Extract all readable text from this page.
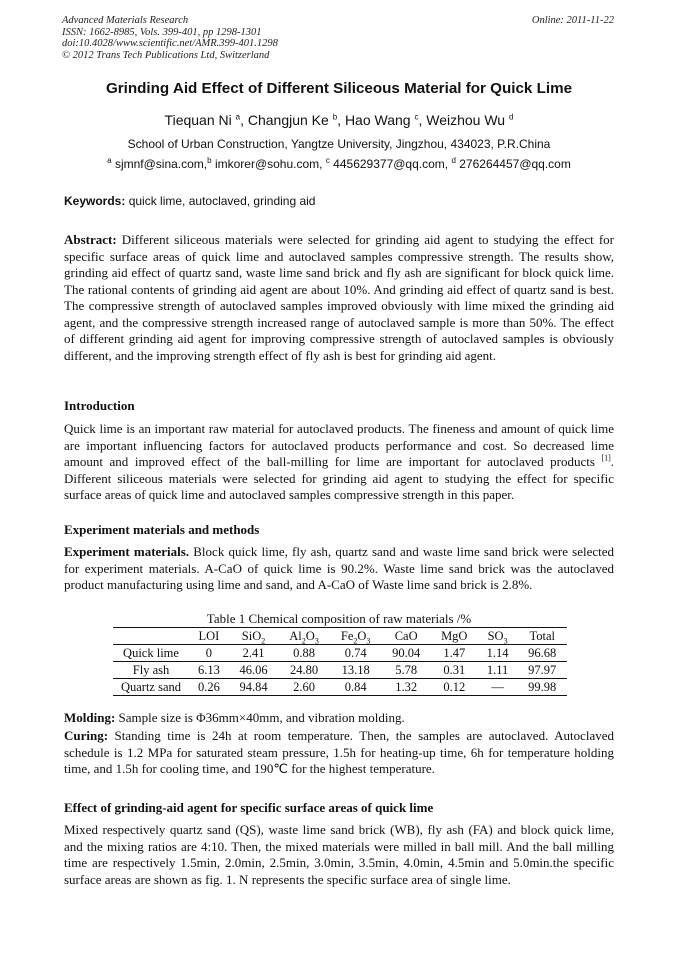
Advanced Materials Research
ISSN: 1662-8985, Vols. 399-401, pp 1298-1301
doi:10.4028/www.scientific.net/AMR.399-401.1298
© 2012 Trans Tech Publications Ltd, Switzerland
Online: 2011-11-22
Grinding Aid Effect of Different Siliceous Material for Quick Lime
Tiequan Ni $^a$, Changjun Ke $^b$, Hao Wang $^c$, Weizhou Wu $^d$
School of Urban Construction, Yangtze University, Jingzhou, 434023, P.R.China
$^a$ sjmnf@sina.com,$^b$ imkorer@sohu.com, $^c$ 445629377@qq.com, $^d$ 276264457@qq.com
Keywords: quick lime, autoclaved, grinding aid
Abstract: Different siliceous materials were selected for grinding aid agent to studying the effect for specific surface areas of quick lime and autoclaved samples compressive strength. The results show, grinding aid effect of quartz sand, waste lime sand brick and fly ash are significant for block quick lime. The rational contents of grinding aid agent are about 10%. And grinding aid effect of quartz sand is best. The compressive strength of autoclaved samples improved obviously with lime mixed the grinding aid agent, and the compressive strength increased range of autoclaved sample is more than 50%. The effect of different grinding aid agent for improving compressive strength of autoclaved samples is obviously different, and the improving strength effect of fly ash is best for grinding aid agent.
Introduction
Quick lime is an important raw material for autoclaved products. The fineness and amount of quick lime are important influencing factors for autoclaved products performance and cost. So decreased lime amount and improved effect of the ball-milling for lime are important for autoclaved products [1]. Different siliceous materials were selected for grinding aid agent to studying the effect for specific surface areas of quick lime and autoclaved samples compressive strength in this paper.
Experiment materials and methods
Experiment materials. Block quick lime, fly ash, quartz sand and waste lime sand brick were selected for experiment materials. A-CaO of quick lime is 90.2%. Waste lime sand brick was the autoclaved product manufacturing using lime and sand, and A-CaO of Waste lime sand brick is 2.8%.
Table 1 Chemical composition of raw materials /%
	LOI	SiO$_2$	$Al_2O_3$	$Fe_2O_3$	CaO	MgO	$SO_3$	Total
Quick lime	0	2.41	0.88	0.74	90.04	1.47	1.14	96.68
Fly ash	6.13	46.06	24.80	13.18	5.78	0.31	1.11	97.97
Quartz sand	0.26	94.84	2.60	0.84	1.32	0.12	—	99.98
Molding: Sample size is Φ36mm×40mm, and vibration molding.
Curing: Standing time is 24h at room temperature. Then, the samples are autoclaved. Autoclaved schedule is 1.2 MPa for saturated steam pressure, 1.5h for heating-up time, 6h for temperature holding time, and 1.5h for cooling time, and 190℃ for the highest temperature.
Effect of grinding-aid agent for specific surface areas of quick lime
Mixed respectively quartz sand (QS), waste lime sand brick (WB), fly ash (FA) and block quick lime, and the mixing ratios are 4:10. Then, the mixed materials were milled in ball mill. And the ball milling time are respectively 1.5min, 2.0min, 2.5min, 3.0min, 3.5min, 4.0min, 4.5min and 5.0min.the specific surface areas are shown as fig. 1. N represents the specific surface area of single lime.
